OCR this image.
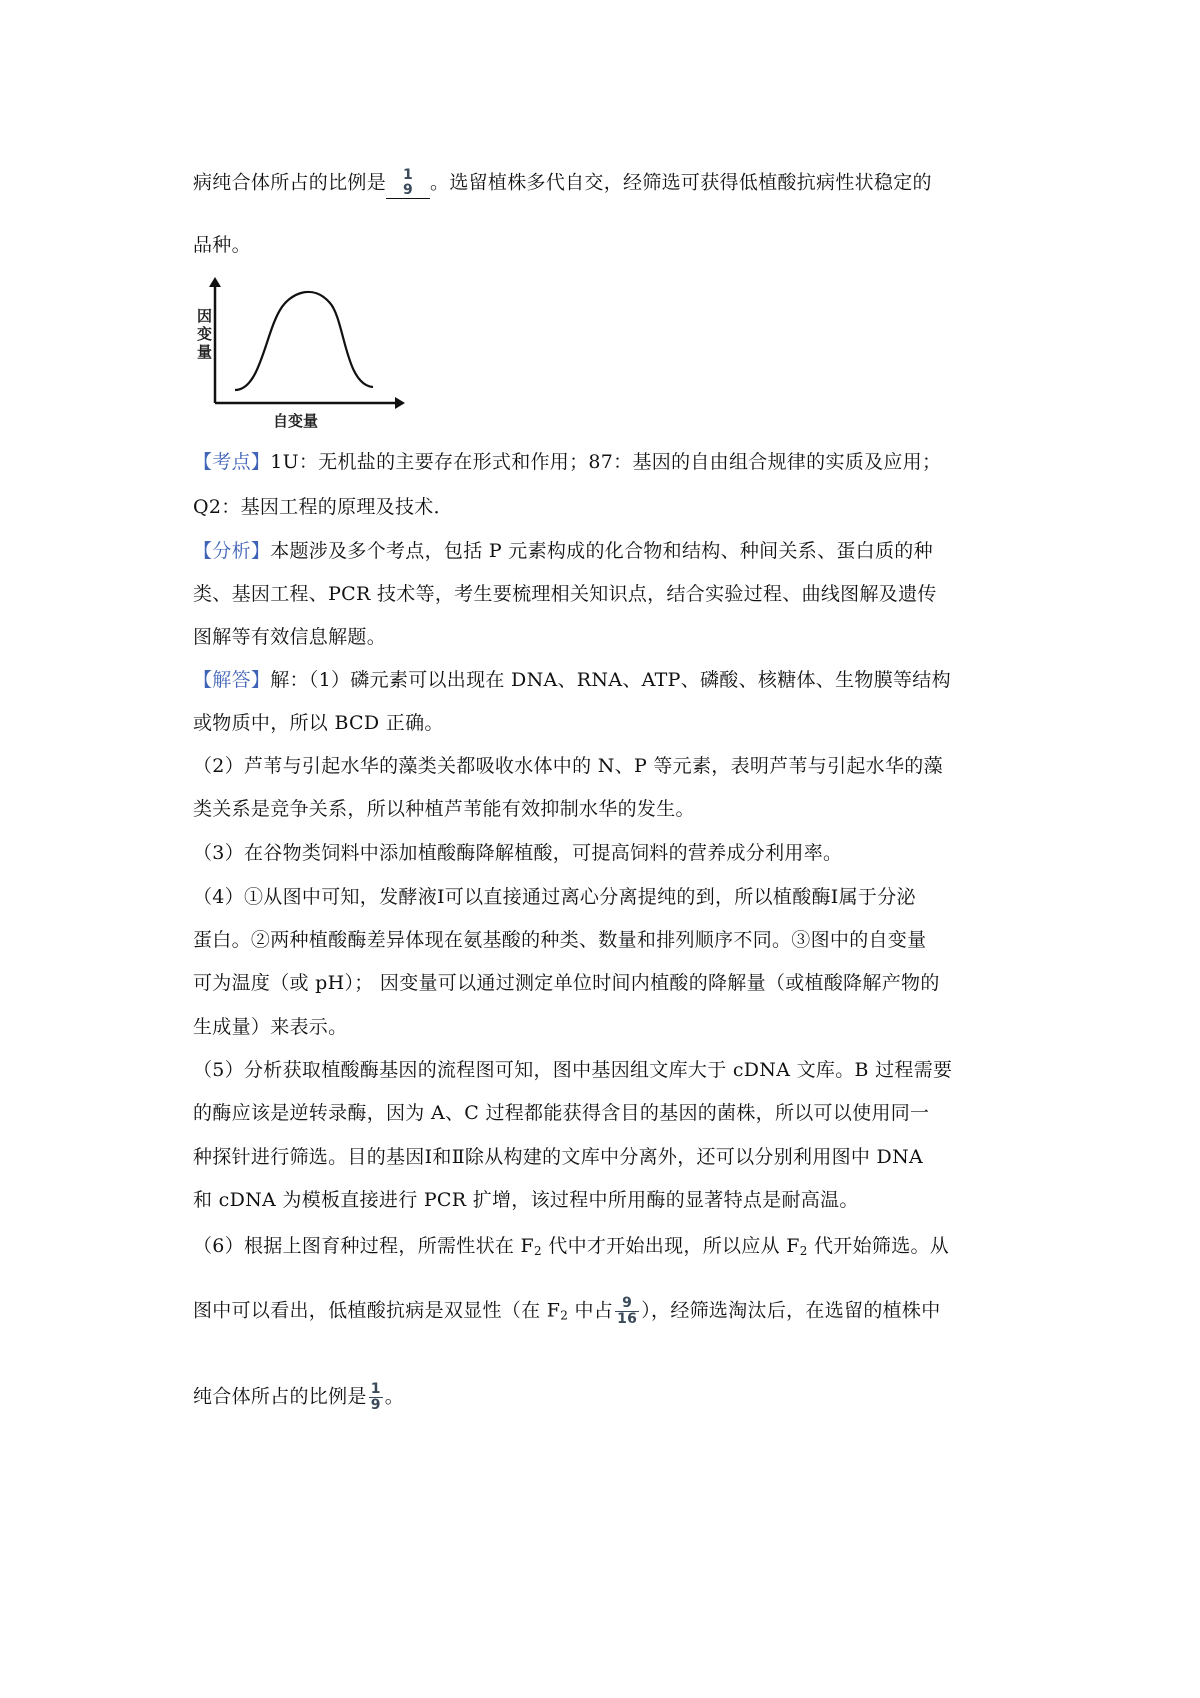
病纯合体所占的比例是 1
9 。选留植株多代自交，经筛选可获得低植酸抗病性状稳定的
品种。
因
变
量
自变量
【考点】1U：无机盐的主要存在形式和作用；87：基因的自由组合规律的实质及应用；
Q2：基因工程的原理及技术．
【分析】本题涉及多个考点，包括 P 元素构成的化合物和结构、种间关系、蛋白质的种
类、基因工程、PCR 技术等，考生要梳理相关知识点，结合实验过程、曲线图解及遗传
图解等有效信息解题。
【解答】解：（1）磷元素可以出现在 DNA、RNA、ATP、磷酸、核糖体、生物膜等结构
或物质中，所以 BCD 正确。
（2）芦苇与引起水华的藻类关都吸收水体中的 N、P 等元素，表明芦苇与引起水华的藻
类关系是竞争关系，所以种植芦苇能有效抑制水华的发生。
（3）在谷物类饲料中添加植酸酶降解植酸，可提高饲料的营养成分利用率。
（4）①从图中可知，发酵液Ⅰ可以直接通过离心分离提纯的到，所以植酸酶Ⅰ属于分泌
蛋白。②两种植酸酶差异体现在氨基酸的种类、数量和排列顺序不同。③图中的自变量
可为温度（或 pH）； 因变量可以通过测定单位时间内植酸的降解量（或植酸降解产物的
生成量）来表示。
（5）分析获取植酸酶基因的流程图可知，图中基因组文库大于 cDNA 文库。B 过程需要
的酶应该是逆转录酶，因为 A、C 过程都能获得含目的基因的菌株，所以可以使用同一
种探针进行筛选。目的基因Ⅰ和Ⅱ除从构建的文库中分离外，还可以分别利用图中 DNA
和 cDNA 为模板直接进行 PCR 扩增，该过程中所用酶的显著特点是耐高温。
（6）根据上图育种过程，所需性状在 $F_2$ 代中才开始出现，所以应从 $F_2$ 代开始筛选。从
图中可以看出，低植酸抗病是双显性（在 $F_2$ 中占 $\frac{9}{16}$ ），经筛选淘汰后，在选留的植株中
纯合体所占的比例是 $\frac{1}{9}$ 。
